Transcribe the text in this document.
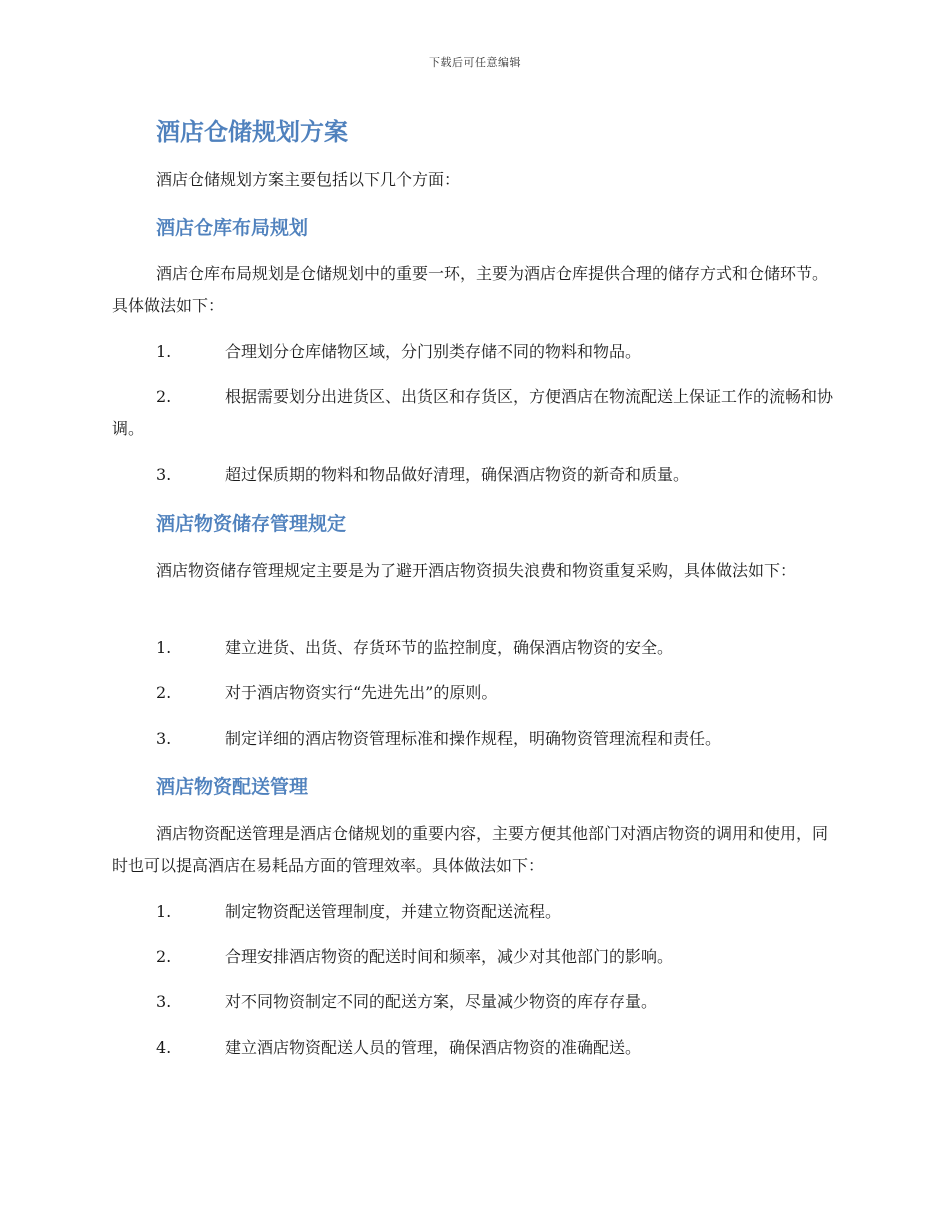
下载后可任意编辑
酒店仓储规划方案

酒店仓储规划方案主要包括以下几个方面：

酒店仓库布局规划

酒店仓库布局规划是仓储规划中的重要一环，主要为酒店仓库提供合理的储存方式和仓储环节。具体做法如下：

1.	合理划分仓库储物区域，分门别类存储不同的物料和物品。
2.	根据需要划分出进货区、出货区和存货区，方便酒店在物流配送上保证工作的流畅和协调。
3.	超过保质期的物料和物品做好清理，确保酒店物资的新奇和质量。
酒店物资储存管理规定

酒店物资储存管理规定主要是为了避开酒店物资损失浪费和物资重复采购，具体做法如下：

1.	建立进货、出货、存货环节的监控制度，确保酒店物资的安全。
2.	对于酒店物资实行“先进先出”的原则。
3.	制定详细的酒店物资管理标准和操作规程，明确物资管理流程和责任。
酒店物资配送管理

酒店物资配送管理是酒店仓储规划的重要内容，主要方便其他部门对酒店物资的调用和使用，同时也可以提高酒店在易耗品方面的管理效率。具体做法如下：

1.	制定物资配送管理制度，并建立物资配送流程。
2.	合理安排酒店物资的配送时间和频率，减少对其他部门的影响。
3.	对不同物资制定不同的配送方案，尽量减少物资的库存存量。
4.	建立酒店物资配送人员的管理，确保酒店物资的准确配送。
